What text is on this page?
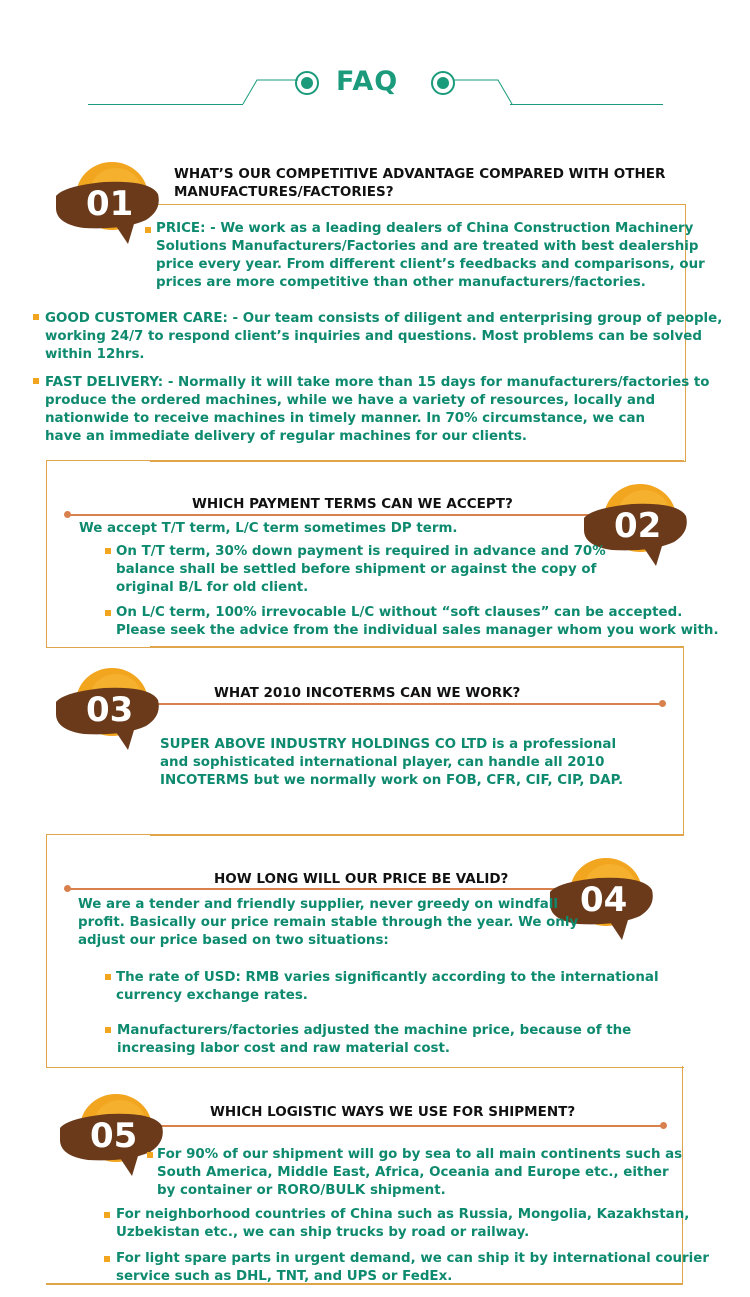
FAQ
01
WHAT’S OUR COMPETITIVE ADVANTAGE COMPARED WITH OTHER
MANUFACTURES/FACTORIES?
PRICE: - We work as a leading dealers of China Construction Machinery
Solutions Manufacturers/Factories and are treated with best dealership
price every year. From different client’s feedbacks and comparisons, our
prices are more competitive than other manufacturers/factories.
GOOD CUSTOMER CARE: - Our team consists of diligent and enterprising group of people,
working 24/7 to respond client’s inquiries and questions. Most problems can be solved
within 12hrs.
FAST DELIVERY: - Normally it will take more than 15 days for manufacturers/factories to
produce the ordered machines, while we have a variety of resources, locally and
nationwide to receive machines in timely manner. In 70% circumstance, we can
have an immediate delivery of regular machines for our clients.
02
WHICH PAYMENT TERMS CAN WE ACCEPT?
We accept T/T term, L/C term sometimes DP term.
On T/T term, 30% down payment is required in advance and 70%
balance shall be settled before shipment or against the copy of
original B/L for old client.
On L/C term, 100% irrevocable L/C without “soft clauses” can be accepted.
Please seek the advice from the individual sales manager whom you work with.
03	WHAT 2010 INCOTERMS CAN WE WORK?
SUPER ABOVE INDUSTRY HOLDINGS CO LTD is a professional
and sophisticated international player, can handle all 2010
INCOTERMS but we normally work on FOB, CFR, CIF, CIP, DAP.
04
HOW LONG WILL OUR PRICE BE VALID?
We are a tender and friendly supplier, never greedy on windfall
profit. Basically our price remain stable through the year. We only
adjust our price based on two situations:
The rate of USD: RMB varies significantly according to the international
currency exchange rates.
Manufacturers/factories adjusted the machine price, because of the
increasing labor cost and raw material cost.
05
WHICH LOGISTIC WAYS WE USE FOR SHIPMENT?
For 90% of our shipment will go by sea to all main continents such as
South America, Middle East, Africa, Oceania and Europe etc., either
by container or RORO/BULK shipment.
For neighborhood countries of China such as Russia, Mongolia, Kazakhstan,
Uzbekistan etc., we can ship trucks by road or railway.
For light spare parts in urgent demand, we can ship it by international courier
service such as DHL, TNT, and UPS or FedEx.
